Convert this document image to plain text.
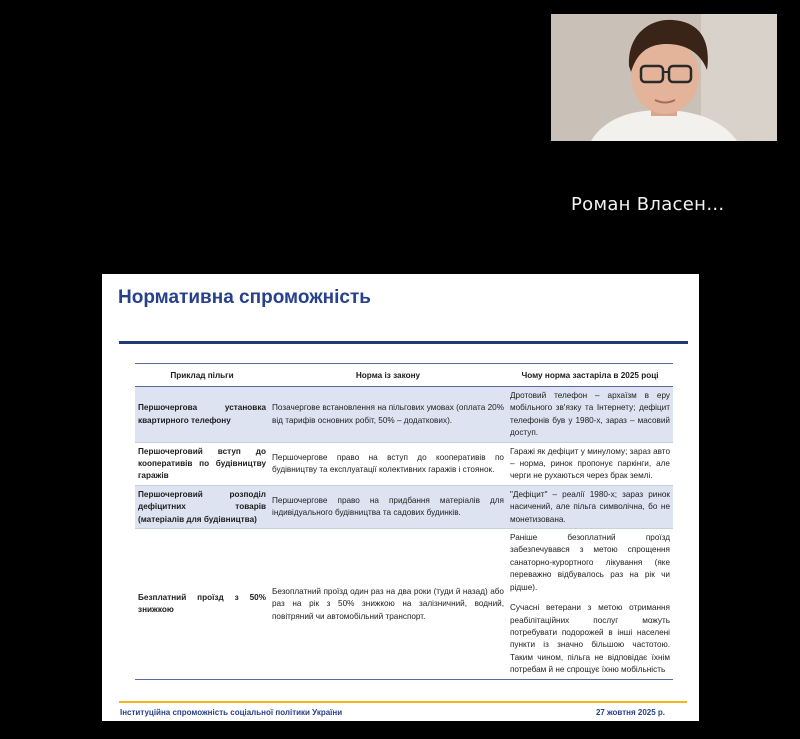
Роман Власен…
Нормативна спроможність
Приклад пільги	Норма із закону	Чому норма застаріла в 2025 році
Першочергова установка квартирного телефону	Позачергове встановлення на пільгових умовах (оплата 20% від тарифів основних робіт, 50% – додаткових).	Дротовий телефон – архаїзм в еру мобільного зв'язку та Інтернету; дефіцит телефонів був у 1980-х, зараз – масовий доступ.
Першочерговий вступ до кооперативів по будівництву гаражів	Першочергове право на вступ до кооперативів по будівництву та експлуатації колективних гаражів і стоянок.	Гаражі як дефіцит у минулому; зараз авто – норма, ринок пропонує паркінги, але черги не рухаються через брак землі.
Першочерговий розподіл дефіцитних товарів (матеріалів для будівництва)	Першочергове право на придбання матеріалів для індивідуального будівництва та садових будинків.	"Дефіцит" – реалії 1980-х; зараз ринок насичений, але пільга символічна, бо не монетизована.
Безплатний проїзд з 50% знижкою	Безоплатний проїзд один раз на два роки (туди й назад) або раз на рік з 50% знижкою на залізничний, водний, повітряний чи автомобільний транспорт.	Раніше безоплатний проїзд забезпечувався з метою спрощення санаторно-курортного лікування (яке переважно відбувалось раз на рік чи рідше).
Сучасні ветерани з метою отримання реабілітаційних послуг можуть потребувати подорожей в інші населені пункти із значно більшою частотою. Таким чином, пільга не відповідає їхнім потребам й не спрощує їхню мобільність
Інституційна спроможність соціальної політики України	27 жовтня 2025 р.
